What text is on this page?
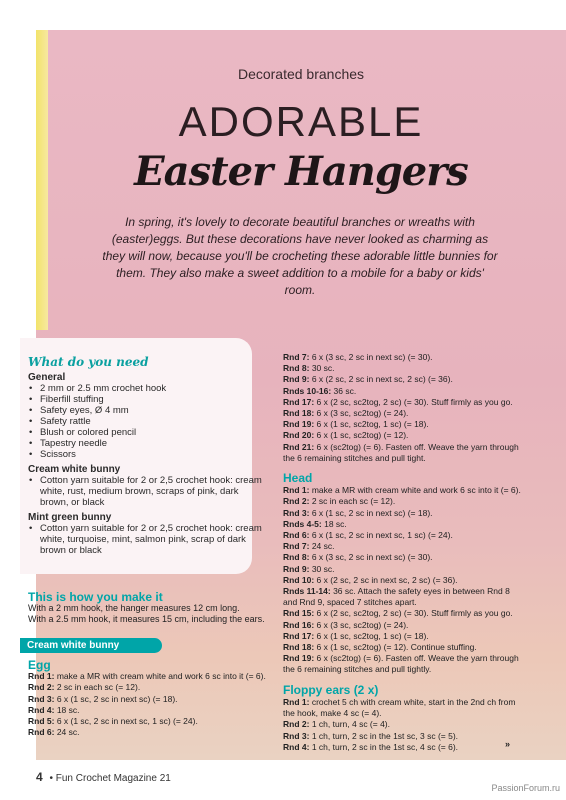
Decorated branches
ADORABLE
Easter Hangers
In spring, it's lovely to decorate beautiful branches or wreaths with (easter)eggs. But these decorations have never looked as charming as they will now, because you'll be crocheting these adorable little bunnies for them. They also make a sweet addition to a mobile for a baby or kids' room.
What do you need
General
• 2 mm or 2.5 mm crochet hook
• Fiberfill stuffing
• Safety eyes, Ø 4 mm
• Safety rattle
• Blush or colored pencil
• Tapestry needle
• Scissors
Cream white bunny
• Cotton yarn suitable for 2 or 2,5 crochet hook: cream white, rust, medium brown, scraps of pink, dark brown, or black
Mint green bunny
• Cotton yarn suitable for 2 or 2,5 crochet hook: cream white, turquoise, mint, salmon pink, scrap of dark brown or black
This is how you make it
With a 2 mm hook, the hanger measures 12 cm long.
With a 2.5 mm hook, it measures 15 cm, including the ears.
Cream white bunny
Egg
Rnd 1: make a MR with cream white and work 6 sc into it (= 6).
Rnd 2: 2 sc in each sc (= 12).
Rnd 3: 6 x (1 sc, 2 sc in next sc) (= 18).
Rnd 4: 18 sc.
Rnd 5: 6 x (1 sc, 2 sc in next sc, 1 sc) (= 24).
Rnd 6: 24 sc.
Rnd 7: 6 x (3 sc, 2 sc in next sc) (= 30).
Rnd 8: 30 sc.
Rnd 9: 6 x (2 sc, 2 sc in next sc, 2 sc) (= 36).
Rnds 10-16: 36 sc.
Rnd 17: 6 x (2 sc, sc2tog, 2 sc) (= 30). Stuff firmly as you go.
Rnd 18: 6 x (3 sc, sc2tog) (= 24).
Rnd 19: 6 x (1 sc, sc2tog, 1 sc) (= 18).
Rnd 20: 6 x (1 sc, sc2tog) (= 12).
Rnd 21: 6 x (sc2tog) (= 6). Fasten off. Weave the yarn through the 6 remaining stitches and pull tight.
Head
Rnd 1: make a MR with cream white and work 6 sc into it (= 6).
Rnd 2: 2 sc in each sc (= 12).
Rnd 3: 6 x (1 sc, 2 sc in next sc) (= 18).
Rnds 4-5: 18 sc.
Rnd 6: 6 x (1 sc, 2 sc in next sc, 1 sc) (= 24).
Rnd 7: 24 sc.
Rnd 8: 6 x (3 sc, 2 sc in next sc) (= 30).
Rnd 9: 30 sc.
Rnd 10: 6 x (2 sc, 2 sc in next sc, 2 sc) (= 36).
Rnds 11-14: 36 sc. Attach the safety eyes in between Rnd 8 and Rnd 9, spaced 7 stitches apart.
Rnd 15: 6 x (2 sc, sc2tog, 2 sc) (= 30). Stuff firmly as you go.
Rnd 16: 6 x (3 sc, sc2tog) (= 24).
Rnd 17: 6 x (1 sc, sc2tog, 1 sc) (= 18).
Rnd 18: 6 x (1 sc, sc2tog) (= 12). Continue stuffing.
Rnd 19: 6 x (sc2tog) (= 6). Fasten off. Weave the yarn through the 6 remaining stitches and pull tightly.
Floppy ears (2 x)
Rnd 1: crochet 5 ch with cream white, start in the 2nd ch from the hook, make 4 sc (= 4).
Rnd 2: 1 ch, turn, 4 sc (= 4).
Rnd 3: 1 ch, turn, 2 sc in the 1st sc, 3 sc (= 5).
Rnd 4: 1 ch, turn, 2 sc in the 1st sc, 4 sc (= 6).	»
4 • Fun Crochet Magazine 21
PassionForum.ru
